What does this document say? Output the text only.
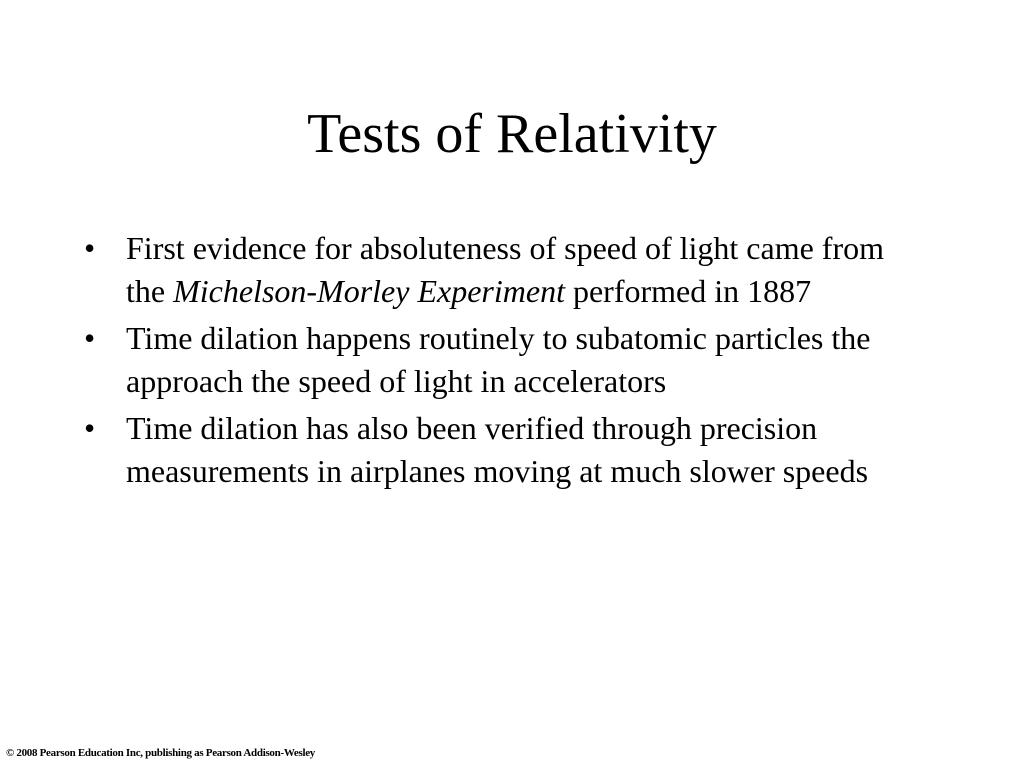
Tests of Relativity
• First evidence for absoluteness of speed of light came from the Michelson-Morley Experiment performed in 1887
• Time dilation happens routinely to subatomic particles the approach the speed of light in accelerators
• Time dilation has also been verified through precision measurements in airplanes moving at much slower speeds
© 2008 Pearson Education Inc, publishing as Pearson Addison-Wesley
